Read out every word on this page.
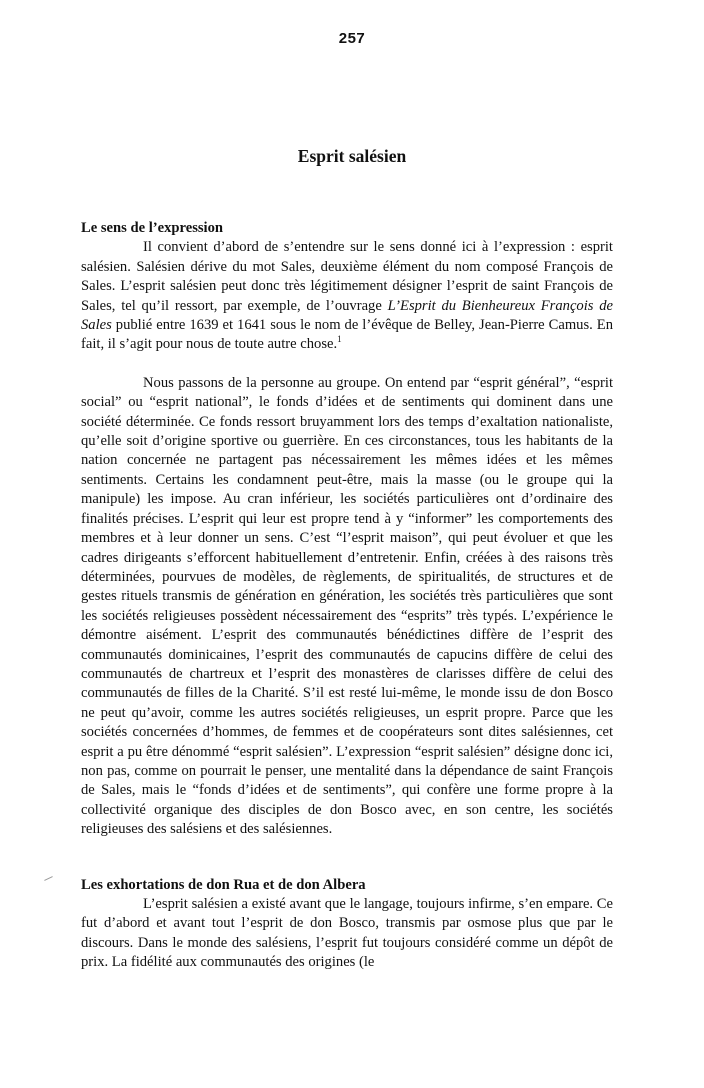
257
Esprit salésien
Le sens de l’expression

Il convient d’abord de s’entendre sur le sens donné ici à l’expression : esprit salésien. Salésien dérive du mot Sales, deuxième élément du nom composé François de Sales. L’esprit salésien peut donc très légitimement désigner l’esprit de saint François de Sales, tel qu’il ressort, par exemple, de l’ouvrage L’Esprit du Bienheureux François de Sales publié entre 1639 et 1641 sous le nom de l’évêque de Belley, Jean-Pierre Camus. En fait, il s’agit pour nous de toute autre chose.$^1$

Nous passons de la personne au groupe. On entend par “esprit général”, “esprit social” ou “esprit national”, le fonds d’idées et de sentiments qui dominent dans une société déterminée. Ce fonds ressort bruyamment lors des temps d’exaltation nationaliste, qu’elle soit d’origine sportive ou guerrière. En ces circonstances, tous les habitants de la nation concernée ne partagent pas nécessairement les mêmes idées et les mêmes sentiments. Certains les condamnent peut-être, mais la masse (ou le groupe qui la manipule) les impose. Au cran inférieur, les sociétés particulières ont d’ordinaire des finalités précises. L’esprit qui leur est propre tend à y “informer” les comportements des membres et à leur donner un sens. C’est “l’esprit maison”, qui peut évoluer et que les cadres dirigeants s’efforcent habituellement d’entretenir. Enfin, créées à des raisons très déterminées, pourvues de modèles, de règlements, de spiritualités, de structures et de gestes rituels transmis de génération en génération, les sociétés très particulières que sont les sociétés religieuses possèdent nécessairement des “esprits” très typés. L’expérience le démontre aisément. L’esprit des communautés bénédictines diffère de l’esprit des communautés dominicaines, l’esprit des communautés de capucins diffère de celui des communautés de chartreux et l’esprit des monastères de clarisses diffère de celui des communautés de filles de la Charité. S’il est resté lui-même, le monde issu de don Bosco ne peut qu’avoir, comme les autres sociétés religieuses, un esprit propre. Parce que les sociétés concernées d’hommes, de femmes et de coopérateurs sont dites salésiennes, cet esprit a pu être dénommé “esprit salésien”. L’expression “esprit salésien” désigne donc ici, non pas, comme on pourrait le penser, une mentalité dans la dépendance de saint François de Sales, mais le “fonds d’idées et de sentiments”, qui confère une forme propre à la collectivité organique des disciples de don Bosco avec, en son centre, les sociétés religieuses des salésiens et des salésiennes.

Les exhortations de don Rua et de don Albera

L’esprit salésien a existé avant que le langage, toujours infirme, s’en empare. Ce fut d’abord et avant tout l’esprit de don Bosco, transmis par osmose plus que par le discours. Dans le monde des salésiens, l’esprit fut toujours considéré comme un dépôt de prix. La fidélité aux communautés des origines (le
